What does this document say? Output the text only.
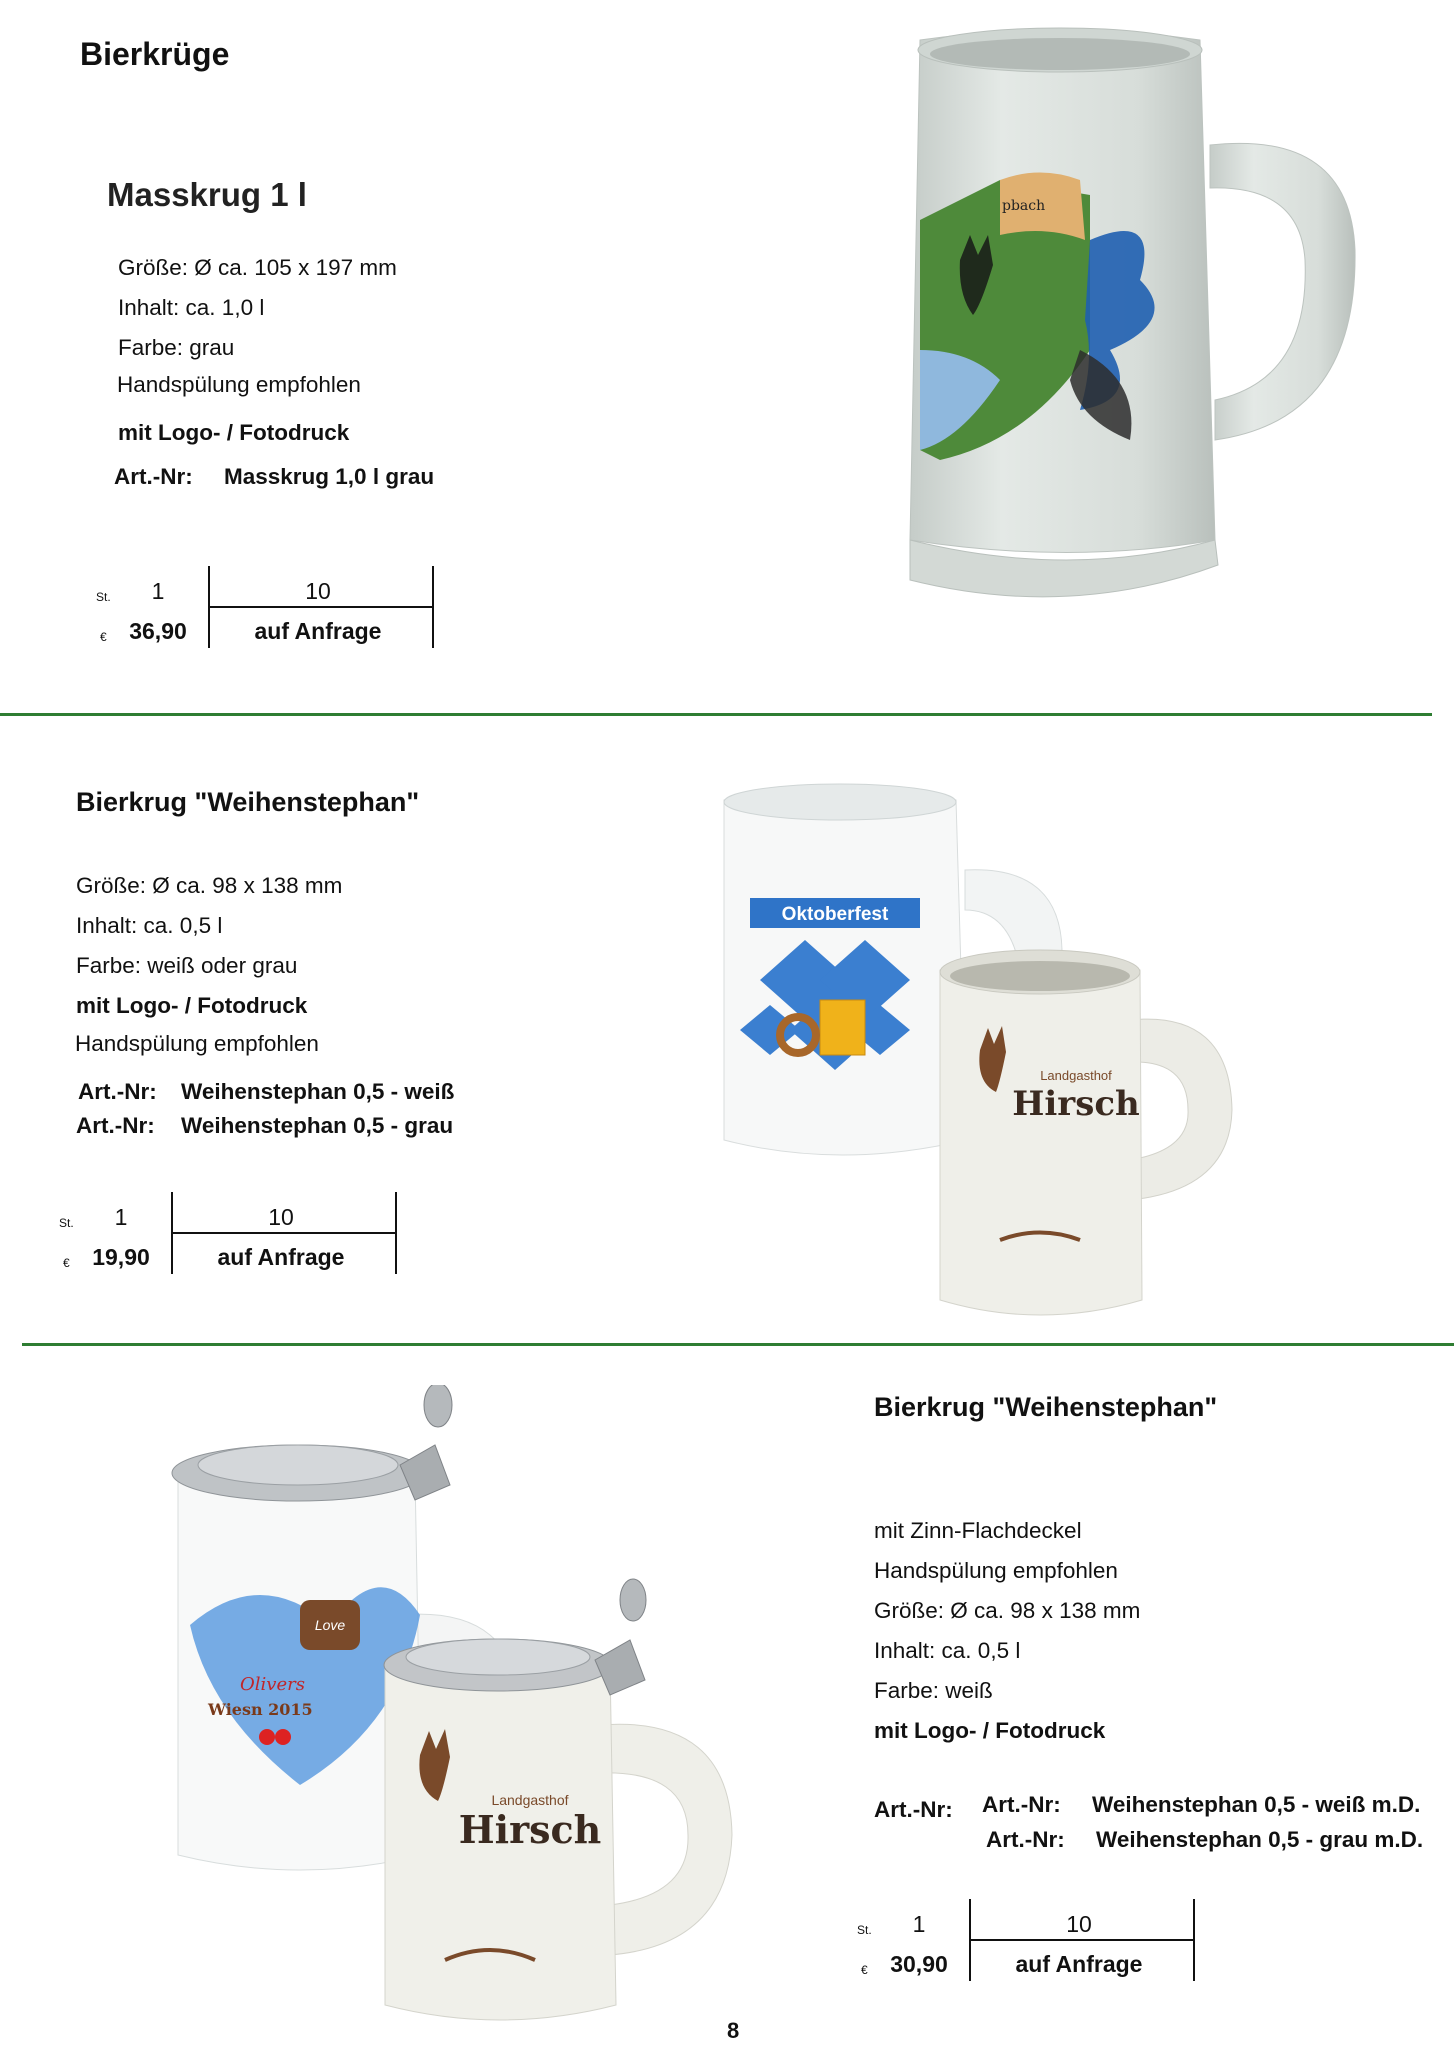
Bierkrüge
Masskrug 1 l
Größe: Ø ca. 105 x 197 mm
Inhalt: ca. 1,0 l
Farbe: grau
Handspülung empfohlen
mit Logo- / Fotodruck
Art.-Nr: Masskrug 1,0 l grau
St.	1	10
€ 36,90	auf Anfrage
pbach
Bierkrug "Weihenstephan"
Größe: Ø ca. 98 x 138 mm
Inhalt: ca. 0,5 l
Farbe: weiß oder grau
mit Logo- / Fotodruck
Handspülung empfohlen
Art.-Nr: Weihenstephan 0,5 - weiß
Art.-Nr: Weihenstephan 0,5 - grau
St.	1	10
€ 19,90	auf Anfrage
Oktoberfest
Landgasthof
Hirsch
Bierkrug "Weihenstephan"
mit Zinn-Flachdeckel
Handspülung empfohlen
Größe: Ø ca. 98 x 138 mm
Inhalt: ca. 0,5 l
Farbe: weiß
mit Logo- / Fotodruck
Art.-Nr: Art.-Nr: Weihenstephan 0,5 - weiß m.D.
Art.-Nr: Weihenstephan 0,5 - grau m.D.
St.	1	10
€ 30,90	auf Anfrage
Love
Olivers
Wiesn 2015
Landgasthof
Hirsch
8
